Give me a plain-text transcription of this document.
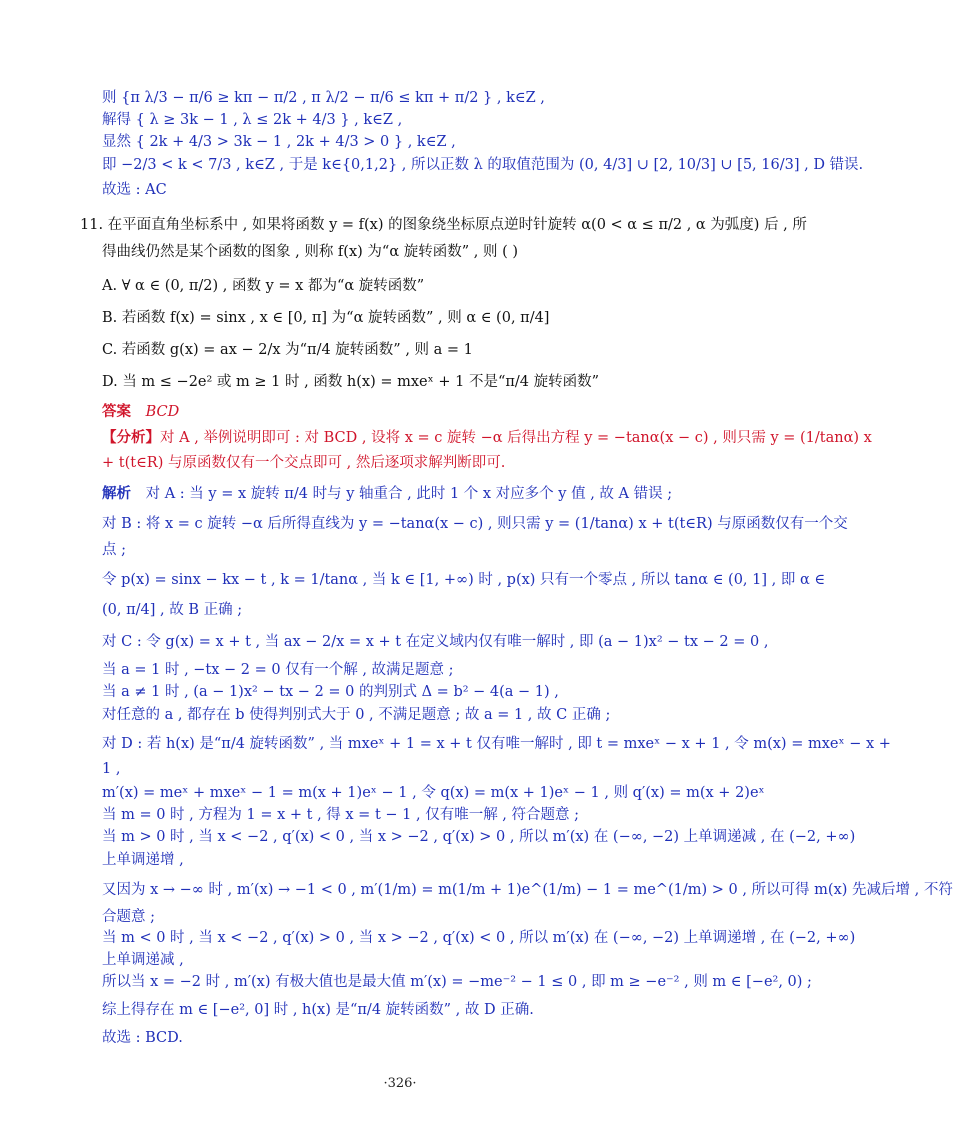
则 {π λ/3 − π/6 ≥ kπ − π/2 , π λ/2 − π/6 ≤ kπ + π/2 } , k∈Z ,
解得 { λ ≥ 3k − 1 , λ ≤ 2k + 4/3 } , k∈Z ,
显然 { 2k + 4/3 > 3k − 1 , 2k + 4/3 > 0 } , k∈Z ,
即 −2/3 < k < 7/3 , k∈Z , 于是 k∈{0,1,2} , 所以正数 λ 的取值范围为 (0, 4/3] ∪ [2, 10/3] ∪ [5, 16/3] , D 错误.
故选 : AC
11. 在平面直角坐标系中 , 如果将函数 y = f(x) 的图象绕坐标原点逆时针旋转 α(0 < α ≤ π/2 , α 为弧度) 后 , 所
得曲线仍然是某个函数的图象 , 则称 f(x) 为“α 旋转函数” , 则 ( )
A. ∀ α ∈ (0, π/2) , 函数 y = x 都为“α 旋转函数”
B. 若函数 f(x) = sinx , x ∈ [0, π] 为“α 旋转函数” , 则 α ∈ (0, π/4]
C. 若函数 g(x) = ax − 2/x 为“π/4 旋转函数” , 则 a = 1
D. 当 m ≤ −2e² 或 m ≥ 1 时 , 函数 h(x) = mxeˣ + 1 不是“π/4 旋转函数”
答案 BCD
【分析】对 A , 举例说明即可 : 对 BCD , 设将 x = c 旋转 −α 后得出方程 y = −tanα(x − c) , 则只需 y = (1/tanα) x
+ t(t∈R) 与原函数仅有一个交点即可 , 然后逐项求解判断即可.
解析 对 A : 当 y = x 旋转 π/4 时与 y 轴重合 , 此时 1 个 x 对应多个 y 值 , 故 A 错误 ;
对 B : 将 x = c 旋转 −α 后所得直线为 y = −tanα(x − c) , 则只需 y = (1/tanα) x + t(t∈R) 与原函数仅有一个交
点 ;
令 p(x) = sinx − kx − t , k = 1/tanα , 当 k ∈ [1, +∞) 时 , p(x) 只有一个零点 , 所以 tanα ∈ (0, 1] , 即 α ∈
(0, π/4] , 故 B 正确 ;
对 C : 令 g(x) = x + t , 当 ax − 2/x = x + t 在定义域内仅有唯一解时 , 即 (a − 1)x² − tx − 2 = 0 ,
当 a = 1 时 , −tx − 2 = 0 仅有一个解 , 故满足题意 ;
当 a ≠ 1 时 , (a − 1)x² − tx − 2 = 0 的判别式 Δ = b² − 4(a − 1) ,
对任意的 a , 都存在 b 使得判别式大于 0 , 不满足题意 ; 故 a = 1 , 故 C 正确 ;
对 D : 若 h(x) 是“π/4 旋转函数” , 当 mxeˣ + 1 = x + t 仅有唯一解时 , 即 t = mxeˣ − x + 1 , 令 m(x) = mxeˣ − x +
1 ,
m′(x) = meˣ + mxeˣ − 1 = m(x + 1)eˣ − 1 , 令 q(x) = m(x + 1)eˣ − 1 , 则 q′(x) = m(x + 2)eˣ
当 m = 0 时 , 方程为 1 = x + t , 得 x = t − 1 , 仅有唯一解 , 符合题意 ;
当 m > 0 时 , 当 x < −2 , q′(x) < 0 , 当 x > −2 , q′(x) > 0 , 所以 m′(x) 在 (−∞, −2) 上单调递减 , 在 (−2, +∞)
上单调递增 ,
又因为 x → −∞ 时 , m′(x) → −1 < 0 , m′(1/m) = m(1/m + 1)e^(1/m) − 1 = me^(1/m) > 0 , 所以可得 m(x) 先减后增 , 不符
合题意 ;
当 m < 0 时 , 当 x < −2 , q′(x) > 0 , 当 x > −2 , q′(x) < 0 , 所以 m′(x) 在 (−∞, −2) 上单调递增 , 在 (−2, +∞)
上单调递减 ,
所以当 x = −2 时 , m′(x) 有极大值也是最大值 m′(x) = −me⁻² − 1 ≤ 0 , 即 m ≥ −e⁻² , 则 m ∈ [−e², 0) ;
综上得存在 m ∈ [−e², 0] 时 , h(x) 是“π/4 旋转函数” , 故 D 正确.
故选 : BCD.
·326·
